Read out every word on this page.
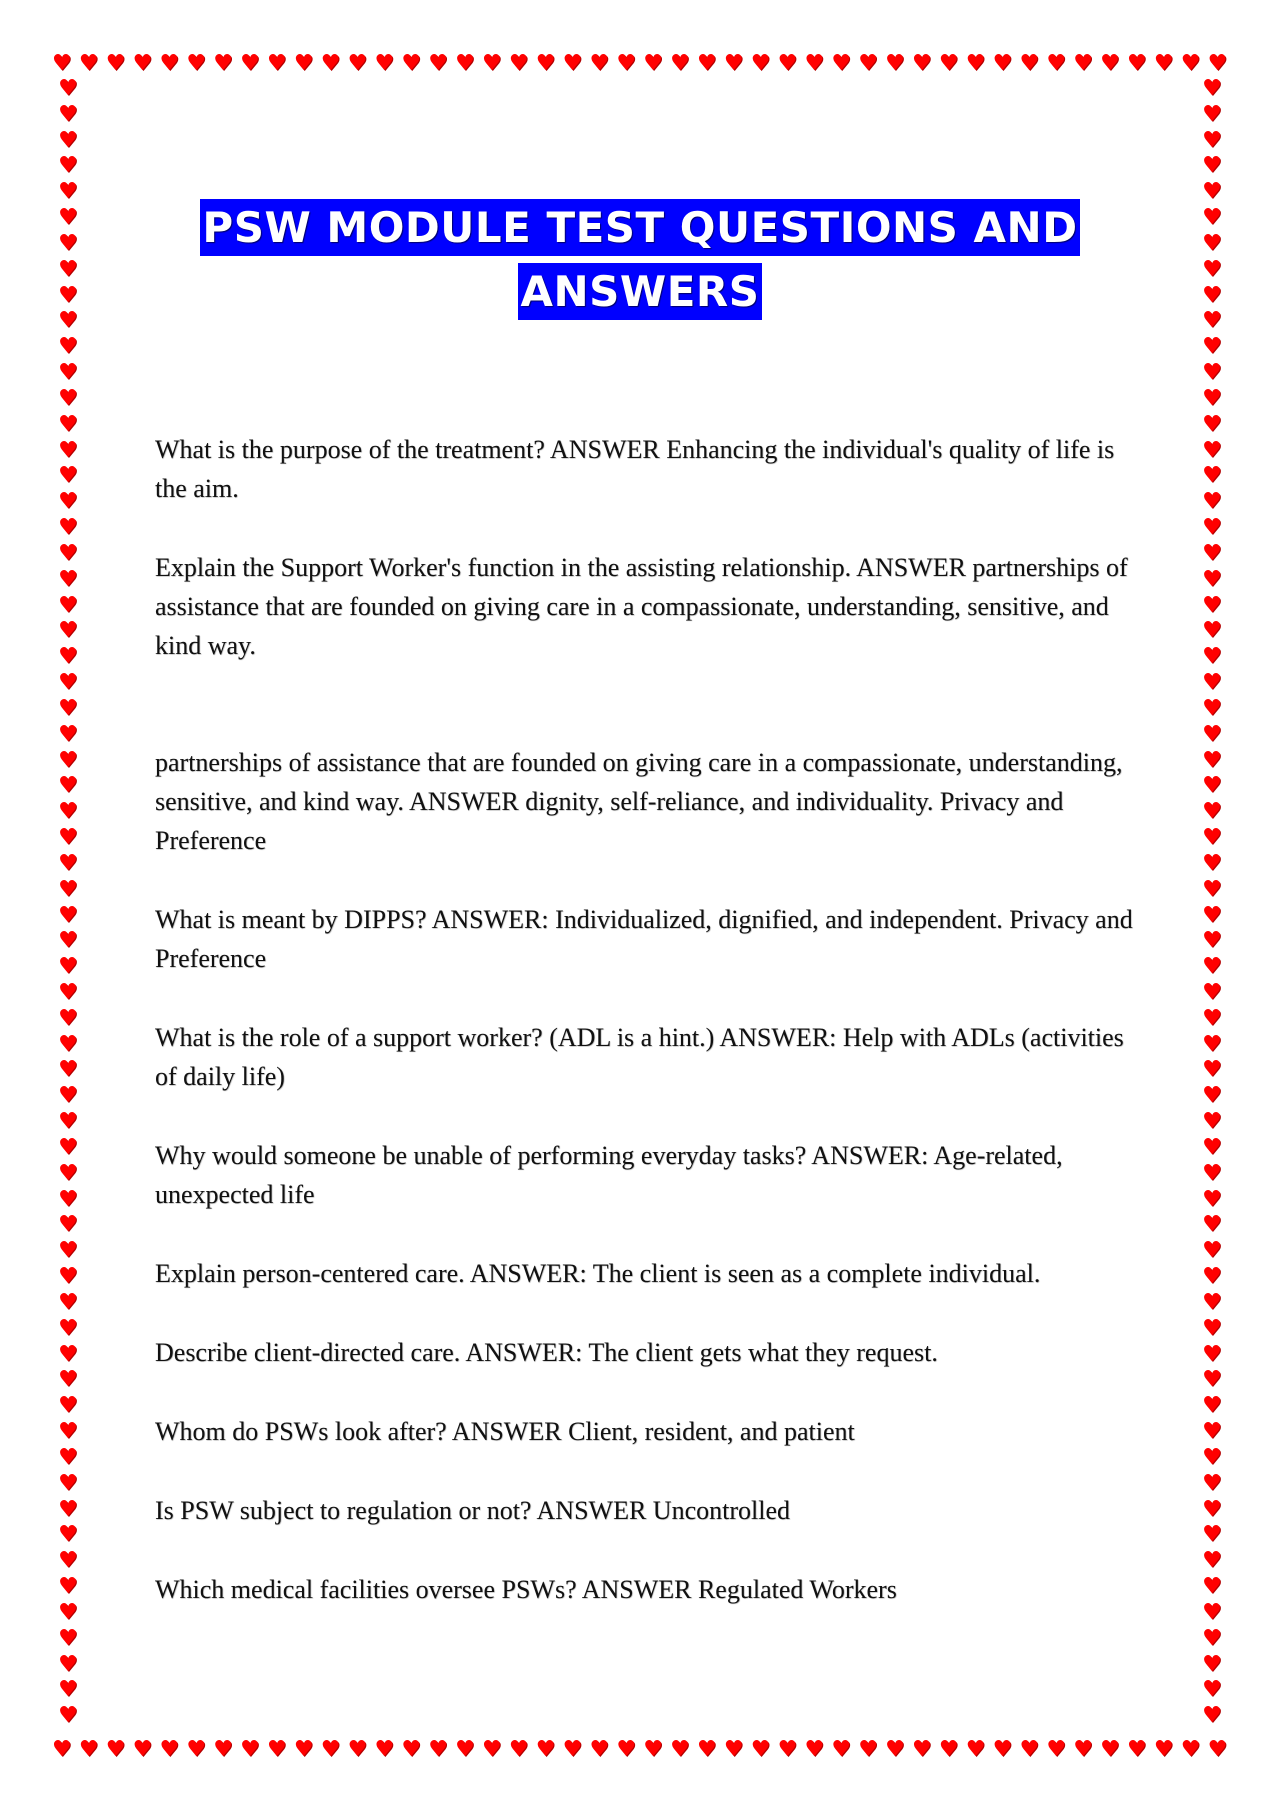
♥ ♥ ♥ ♥ ♥ ♥ ♥ ♥ ♥ ♥ ♥ ♥ ♥ ♥ ♥ ♥ ♥ ♥ ♥ ♥ ♥ ♥ ♥ ♥ ♥ ♥ ♥ ♥ ♥ ♥ ♥ ♥ ♥ ♥ ♥ ♥ ♥ ♥ ♥ ♥ ♥ ♥ ♥ ♥
♥ ♥ ♥ ♥ ♥ ♥ ♥ ♥ ♥ ♥ ♥ ♥ ♥ ♥ ♥ ♥ ♥ ♥ ♥ ♥ ♥ ♥ ♥ ♥ ♥ ♥ ♥ ♥ ♥ ♥ ♥ ♥ ♥ ♥ ♥ ♥ ♥ ♥ ♥ ♥ ♥ ♥ ♥ ♥
♥
♥
♥
♥
♥
♥
♥
♥
♥
♥
♥
♥
♥
♥
♥
♥
♥
♥
♥
♥
♥
♥
♥
♥
♥
♥
♥
♥
♥
♥
♥
♥
♥
♥
♥
♥
♥
♥
♥
♥
♥
♥
♥
♥
♥
♥
♥
♥
♥
♥
♥
♥
♥
♥
♥
♥
♥
♥
♥
♥
♥
♥
♥
♥
♥
♥
♥
♥
♥
♥
♥
♥
♥
♥
♥
♥
♥
♥
♥
♥
♥
♥
♥
♥
♥
♥
♥
♥
♥
♥
♥
♥
♥
♥
♥
♥
♥
♥
♥
♥
♥
♥
♥
♥
♥
♥
♥
♥
♥
♥
♥
♥
♥
♥
♥
♥
♥
♥
♥
♥
♥
♥
♥
♥
♥
♥
♥
♥
PSW MODULE TEST QUESTIONS AND ANSWERS

What is the purpose of the treatment? ANSWER Enhancing the individual's quality of life is the aim.

Explain the Support Worker's function in the assisting relationship. ANSWER partnerships of assistance that are founded on giving care in a compassionate, understanding, sensitive, and kind way.

partnerships of assistance that are founded on giving care in a compassionate, understanding, sensitive, and kind way. ANSWER dignity, self-reliance, and individuality. Privacy and Preference

What is meant by DIPPS? ANSWER: Individualized, dignified, and independent. Privacy and Preference

What is the role of a support worker? (ADL is a hint.) ANSWER: Help with ADLs (activities of daily life)

Why would someone be unable of performing everyday tasks? ANSWER: Age-related, unexpected life

Explain person-centered care. ANSWER: The client is seen as a complete individual.

Describe client-directed care. ANSWER: The client gets what they request.

Whom do PSWs look after? ANSWER Client, resident, and patient

Is PSW subject to regulation or not? ANSWER Uncontrolled

Which medical facilities oversee PSWs? ANSWER Regulated Workers
